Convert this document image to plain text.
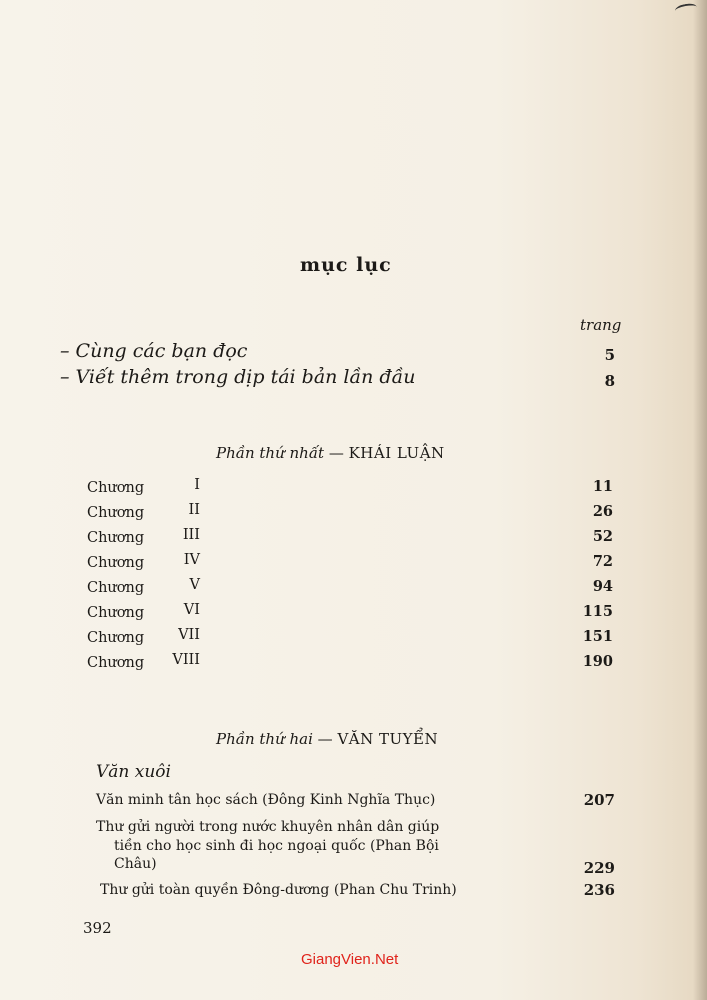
mục lục
trang
– Cùng các bạn đọc	5
– Viết thêm trong dịp tái bản lần đầu	8
Phần thứ nhất — KHÁI LUẬN
Chương	I	11
Chương	II	26
Chương	III	52
Chương	IV	72
Chương	V	94
Chương	VI	115
Chương	VII	151
Chương	VIII	190
Phần thứ hai — VĂN TUYỂN
Văn xuôi
Văn minh tân học sách (Đông Kinh Nghĩa Thục)	207
Thư gửi người trong nước khuyên nhân dân giúp
tiền cho học sinh đi học ngoại quốc (Phan Bội
Châu)	229
Thư gửi toàn quyền Đông-dương (Phan Chu Trinh)	236
392
GiangVien.Net
